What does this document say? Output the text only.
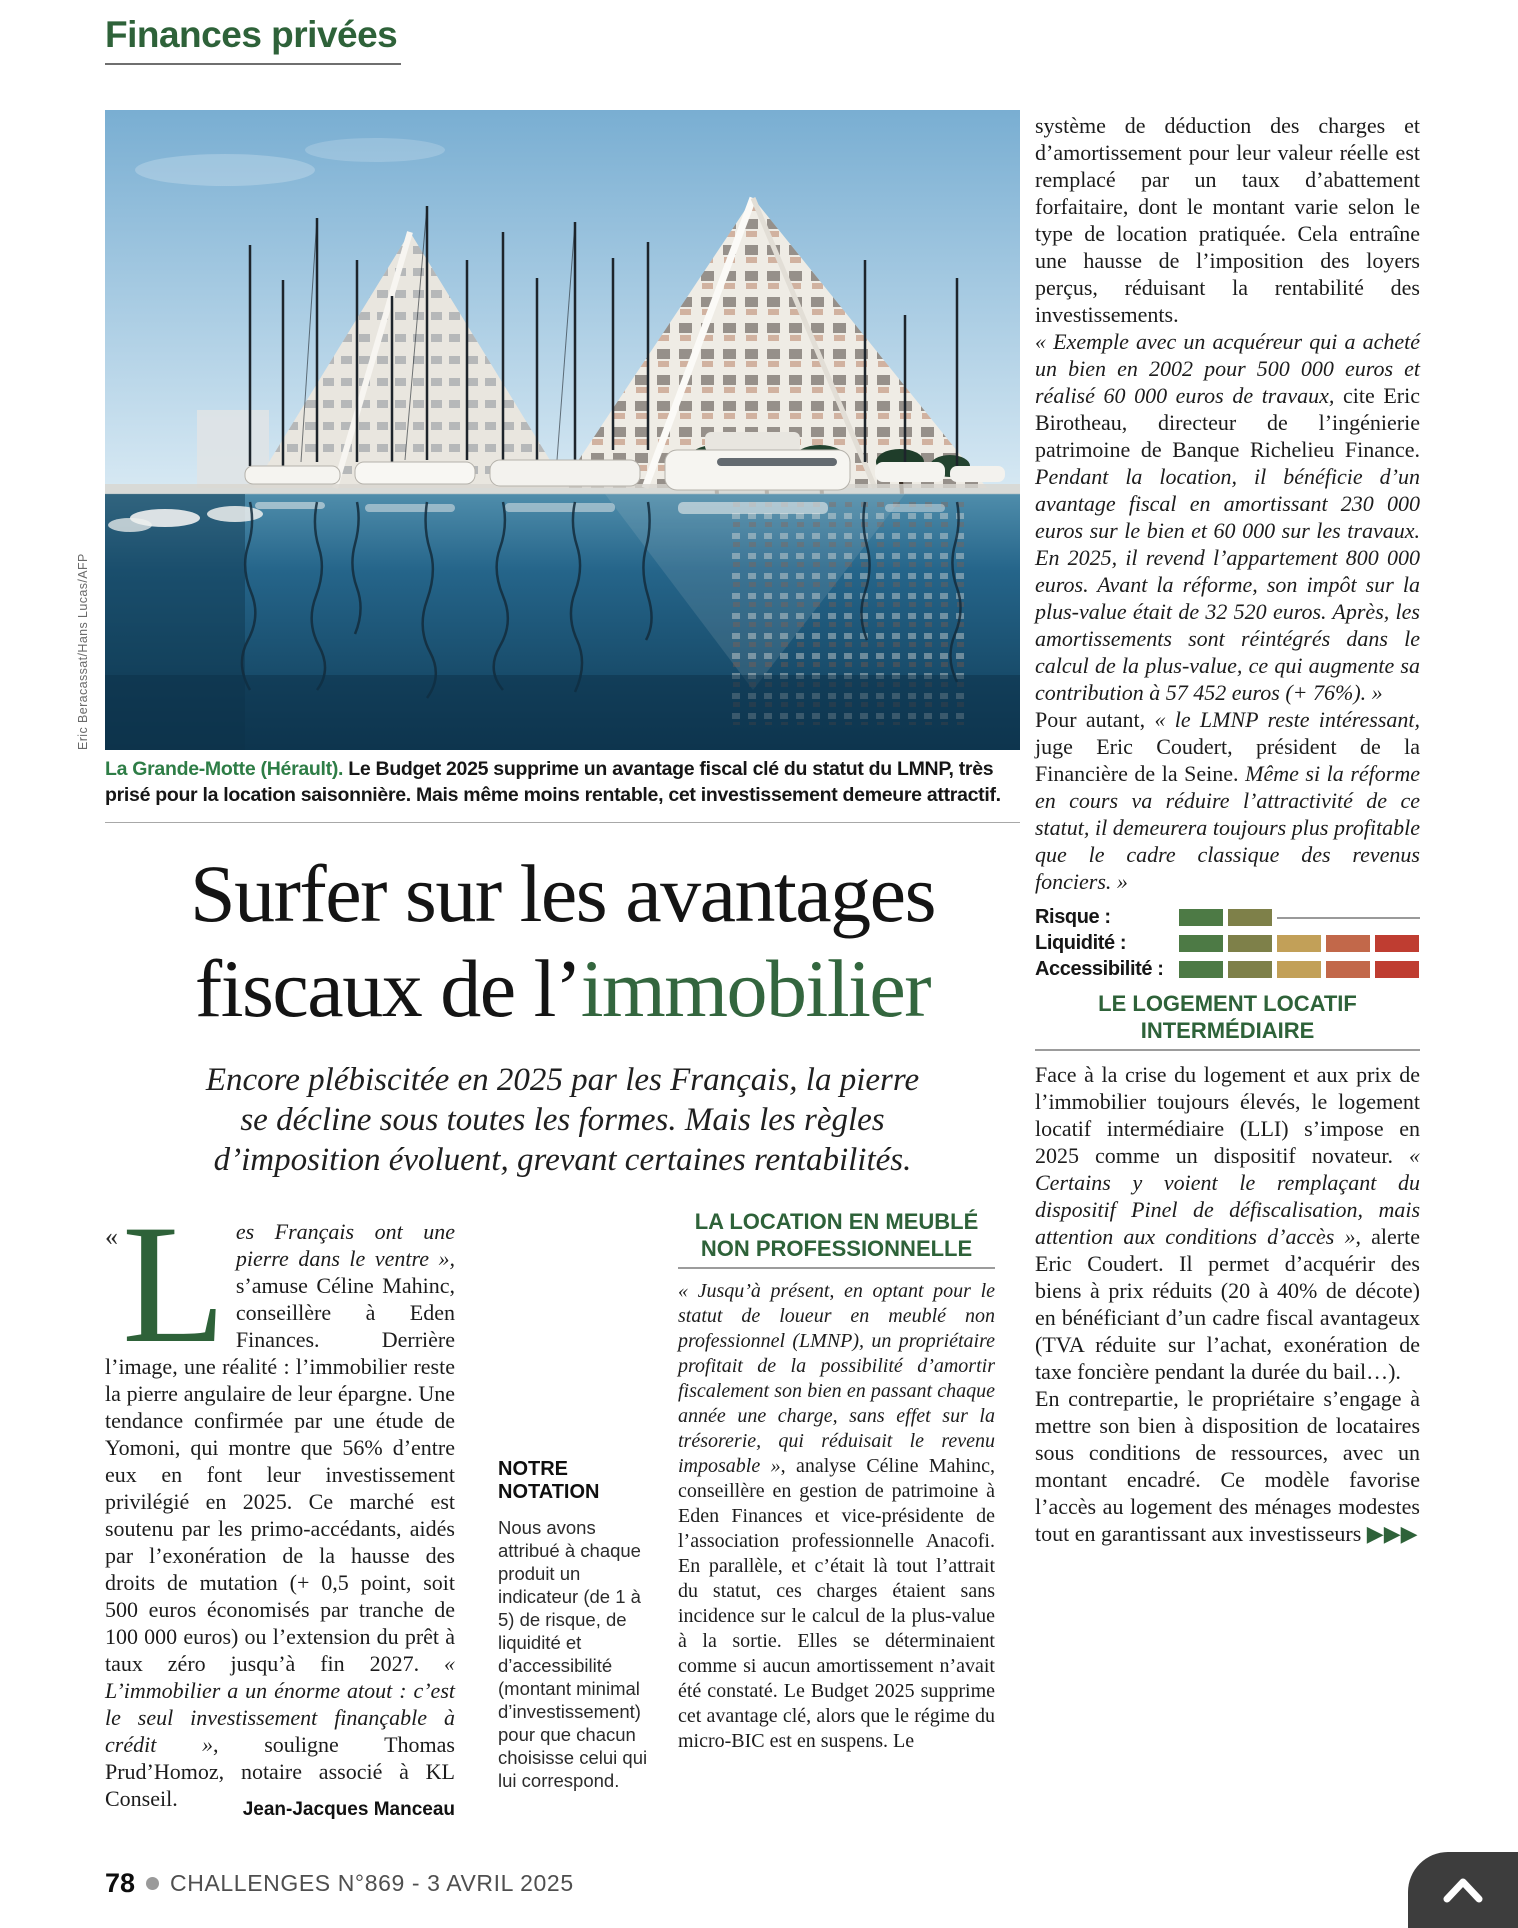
Finances privées
Eric Beracassat/Hans Lucas/AFP
La Grande-Motte (Hérault). Le Budget 2025 supprime un avantage fiscal clé du statut du LMNP, très prisé pour la location saisonnière. Mais même moins rentable, cet investissement demeure attractif.
Surfer sur les avantages
fiscaux de l’immobilier
Encore plébiscitée en 2025 par les Français, la pierre
se décline sous toutes les formes. Mais les règles
d’imposition évoluent, grevant certaines rentabilités.

« L es Français ont une pierre dans le ventre », s’amuse Céline Mahinc, conseillère à Eden Finances. Derrière l’image, une réalité : l’immobilier reste la pierre angulaire de leur épargne. Une tendance confirmée par une étude de Yomoni, qui montre que 56% d’entre eux en font leur investissement privilégié en 2025. Ce marché est soutenu par les primo-accédants, aidés par l’exonération de la hausse des droits de mutation (+ 0,5 point, soit 500 euros économisés par tranche de 100 000 euros) ou l’extension du prêt à taux zéro jusqu’à fin 2027. « L’immobilier a un énorme atout : c’est le seul investissement finançable à crédit », souligne Thomas Prud’Homoz, notaire associé à KL Conseil.	Jean-Jacques Manceau
NOTRE
NOTATION
Nous avons attribué à chaque produit un indicateur (de 1 à 5) de risque, de liquidité et d’accessibilité (montant minimal d’investissement) pour que chacun choisisse celui qui lui correspond.
LA LOCATION EN MEUBLÉ
NON PROFESSIONNELLE
« Jusqu’à présent, en optant pour le statut de loueur en meublé non professionnel (LMNP), un propriétaire profitait de la possibilité d’amortir fiscalement son bien en passant chaque année une charge, sans effet sur la trésorerie, qui réduisait le revenu imposable », analyse Céline Mahinc, conseillère en gestion de patrimoine à Eden Finances et vice-présidente de l’association professionnelle Anacofi. En parallèle, et c’était là tout l’attrait du statut, ces charges étaient sans incidence sur le calcul de la plus-value à la sortie. Elles se déterminaient comme si aucun amortissement n’avait été constaté. Le Budget 2025 supprime cet avantage clé, alors que le régime du micro-BIC est en suspens. Le

système de déduction des charges et d’amortissement pour leur valeur réelle est remplacé par un taux d’abattement forfaitaire, dont le montant varie selon le type de location pratiquée. Cela entraîne une hausse de l’imposition des loyers perçus, réduisant la rentabilité des investissements.

« Exemple avec un acquéreur qui a acheté un bien en 2002 pour 500 000 euros et réalisé 60 000 euros de travaux, cite Eric Birotheau, directeur de l’ingénierie patrimoine de Banque Richelieu Finance. Pendant la location, il bénéficie d’un avantage fiscal en amortissant 230 000 euros sur le bien et 60 000 sur les travaux. En 2025, il revend l’appartement 800 000 euros. Avant la réforme, son impôt sur la plus-value était de 32 520 euros. Après, les amortissements sont réintégrés dans le calcul de la plus-value, ce qui augmente sa contribution à 57 452 euros (+ 76%). »

Pour autant, « le LMNP reste intéressant, juge Eric Coudert, président de la Financière de la Seine. Même si la réforme en cours va réduire l’attractivité de ce statut, il demeurera toujours plus profitable que le cadre classique des revenus fonciers. »

Risque :
Liquidité :
Accessibilité :
LE LOGEMENT LOCATIF
INTERMÉDIAIRE

Face à la crise du logement et aux prix de l’immobilier toujours élevés, le logement locatif intermédiaire (LLI) s’impose en 2025 comme un dispositif novateur. « Certains y voient le remplaçant du dispositif Pinel de défiscalisation, mais attention aux conditions d’accès », alerte Eric Coudert. Il permet d’acquérir des biens à prix réduits (20 à 40% de décote) en bénéficiant d’un cadre fiscal avantageux (TVA réduite sur l’achat, exonération de taxe foncière pendant la durée du bail…).

En contrepartie, le propriétaire s’engage à mettre son bien à disposition de locataires sous conditions de ressources, avec un montant encadré. Ce modèle favorise l’accès au logement des ménages modestes tout en garantissant aux investisseurs ▶▶▶

78 CHALLENGES N°869 - 3 AVRIL 2025
